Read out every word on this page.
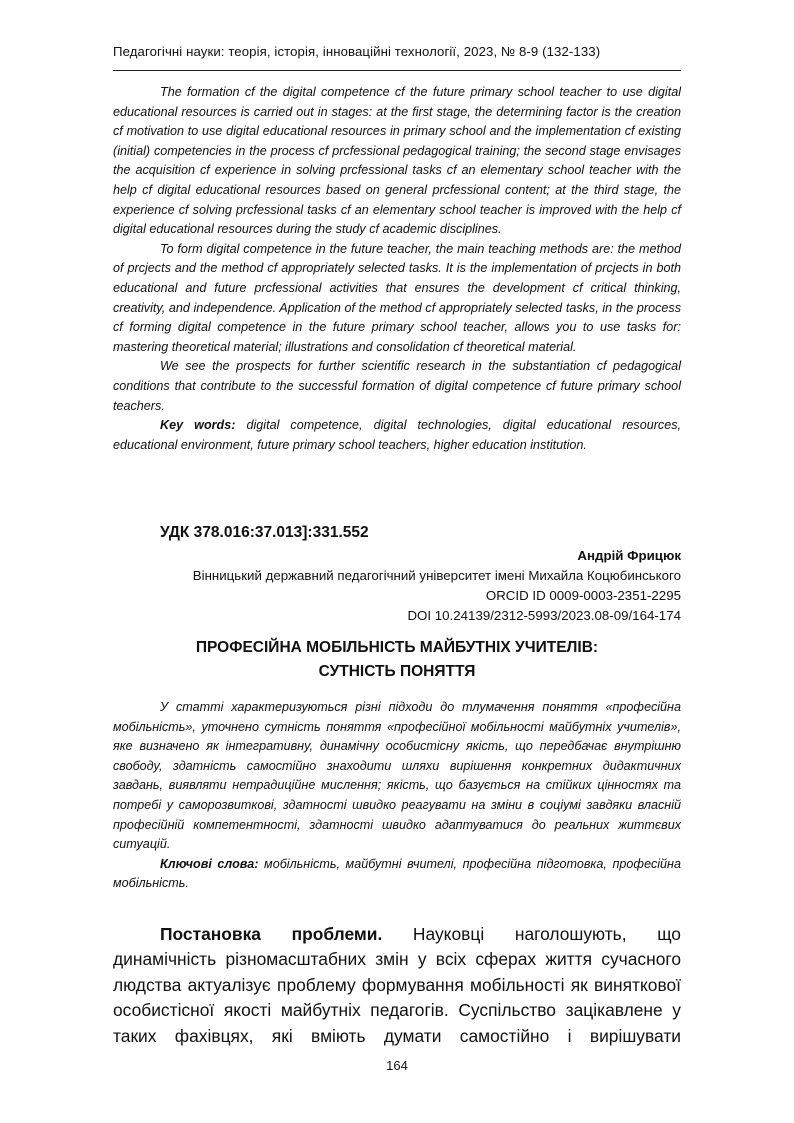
Педагогічні науки: теорія, історія, інноваційні технології, 2023, № 8-9 (132-133)

The formation cf the digital competence cf the future primary school teacher to use digital educational resources is carried out in stages: at the first stage, the determining factor is the creation cf motivation to use digital educational resources in primary school and the implementation cf existing (initial) competencies in the process cf prcfessional pedagogical training; the second stage envisages the acquisition cf experience in solving prcfessional tasks cf an elementary school teacher with the help cf digital educational resources based on general prcfessional content; at the third stage, the experience cf solving prcfessional tasks cf an elementary school teacher is improved with the help cf digital educational resources during the study cf academic disciplines.

To form digital competence in the future teacher, the main teaching methods are: the method of prcjects and the method cf appropriately selected tasks. It is the implementation of prcjects in both educational and future prcfessional activities that ensures the development cf critical thinking, creativity, and independence. Application of the method cf appropriately selected tasks, in the process cf forming digital competence in the future primary school teacher, allows you to use tasks for: mastering theoretical material; illustrations and consolidation cf theoretical material.

We see the prospects for further scientific research in the substantiation cf pedagogical conditions that contribute to the successful formation of digital competence cf future primary school teachers.

Key words: digital competence, digital technologies, digital educational resources, educational environment, future primary school teachers, higher education institution.

УДК 378.016:37.013]:331.552
Андрій Фрицюк
Вінницький державний педагогічний університет імені Михайла Коцюбинського
ORCID ID 0009-0003-2351-2295
DOI 10.24139/2312-5993/2023.08-09/164-174
ПРОФЕСІЙНА МОБІЛЬНІСТЬ МАЙБУТНІХ УЧИТЕЛІВ:
СУТНІСТЬ ПОНЯТТЯ

У статті характеризуються різні підходи до тлумачення поняття «професійна мобільність», уточнено сутність поняття «професійної мобільності майбутніх учителів», яке визначено як інтегративну, динамічну особистісну якість, що передбачає внутрішню свободу, здатність самостійно знаходити шляхи вирішення конкретних дидактичних завдань, виявляти нетрадиційне мислення; якість, що базується на стійких цінностях та потребі у саморозвиткові, здатності швидко реагувати на зміни в соціумі завдяки власній професійній компетентності, здатності швидко адаптуватися до реальних життєвих ситуацій.

Ключові слова: мобільність, майбутні вчителі, професійна підготовка, професійна мобільність.

Постановка проблеми. Науковці наголошують, що динамічність різномасштабних змін у всіх сферах життя сучасного людства актуалізує проблему формування мобільності як виняткової особистісної якості майбутніх педагогів. Суспільство зацікавлене у таких фахівцях, які вміють думати самостійно і вирішувати

164
